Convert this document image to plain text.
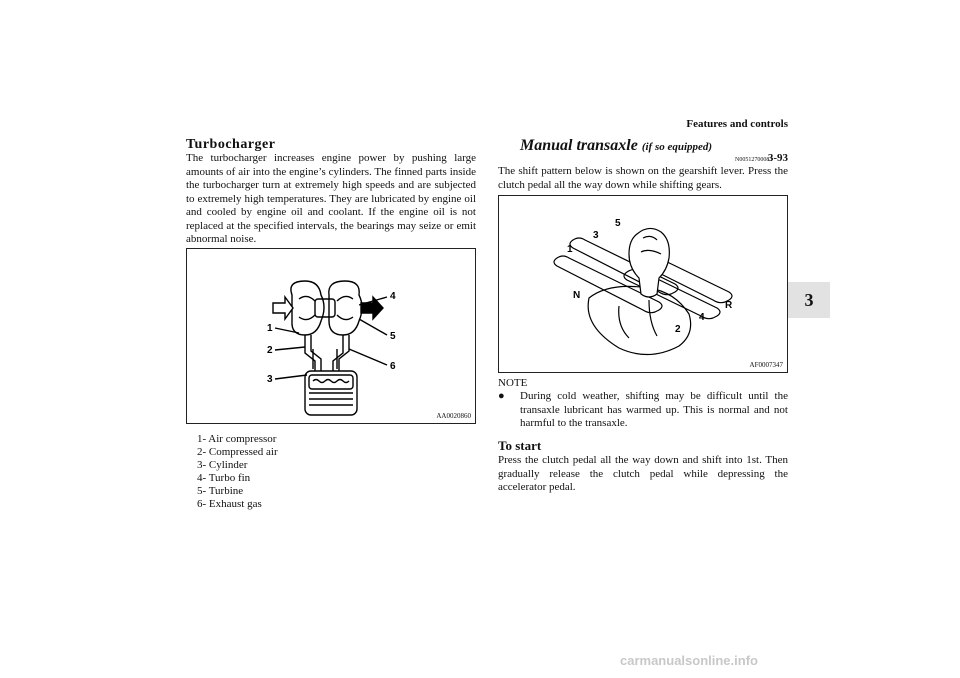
Features and controls
3
3-93
Turbocharger
The turbocharger increases engine power by pushing large amounts of air into the engine’s cylinders. The finned parts inside the turbocharger turn at extremely high speeds and are subjected to extremely high temperatures. They are lubricated by engine oil and cooled by engine oil and coolant. If the engine oil is not replaced at the specified intervals, the bearings may seize or emit abnormal noise.
1
2
3
4
5
6
AA0020860
1- Air compressor
2- Compressed air
3- Cylinder
4- Turbo fin
5- Turbine
6- Exhaust gas
Manual transaxle (if so equipped)
N00512700083
The shift pattern below is shown on the gearshift lever. Press the clutch pedal all the way down while shifting gears.
1
3
5
N
2
4
R
AF0007347
NOTE
●	During cold weather, shifting may be difficult until the transaxle lubricant has warmed up. This is normal and not harmful to the transaxle.
To start
Press the clutch pedal all the way down and shift into 1st. Then gradually release the clutch pedal while depressing the accelerator pedal.
carmanualsonline.info
